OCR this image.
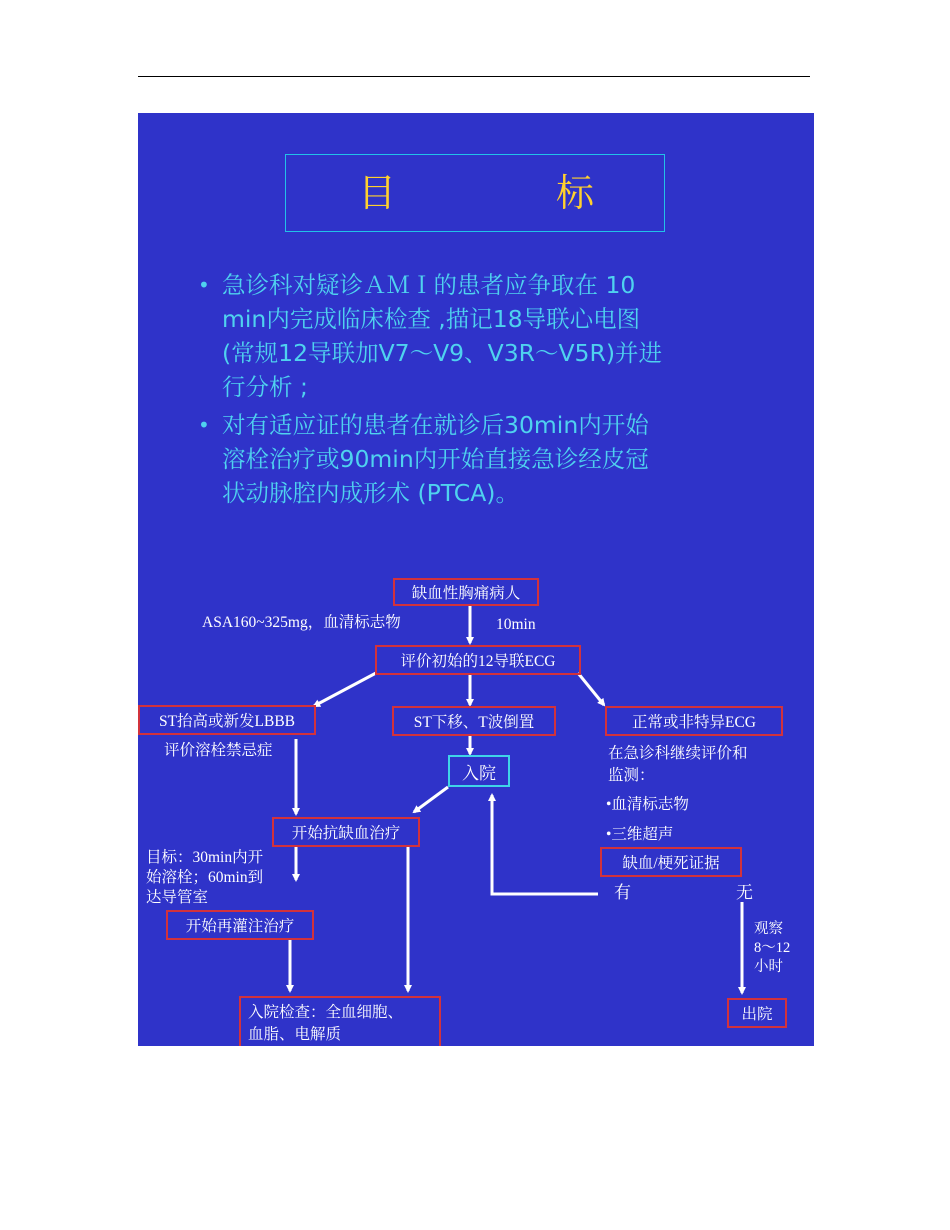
目	标
• 急诊科对疑诊ＡＭＩ的患者应争取在 10
min内完成临床检查 ,描记18导联心电图
(常规12导联加V7～V9、V3R～V5R)并进
行分析 ;
• 对有适应证的患者在就诊后30min内开始
溶栓治疗或90min内开始直接急诊经皮冠
状动脉腔内成形术 (PTCA)。
缺血性胸痛病人
ASA160~325mg，血清标志物	10min
评价初始的12导联ECG
ST抬高或新发LBBB	ST下移、T波倒置	正常或非特异ECG
评价溶栓禁忌症
入院
在急诊科继续评价和
监测：
•血清标志物
•三维超声
开始抗缺血治疗
缺血/梗死证据
目标：30min内开
始溶栓；60min到
达导管室	有	无
开始再灌注治疗	观察
8～12
小时
入院检查：全血细胞、
血脂、电解质
出院
